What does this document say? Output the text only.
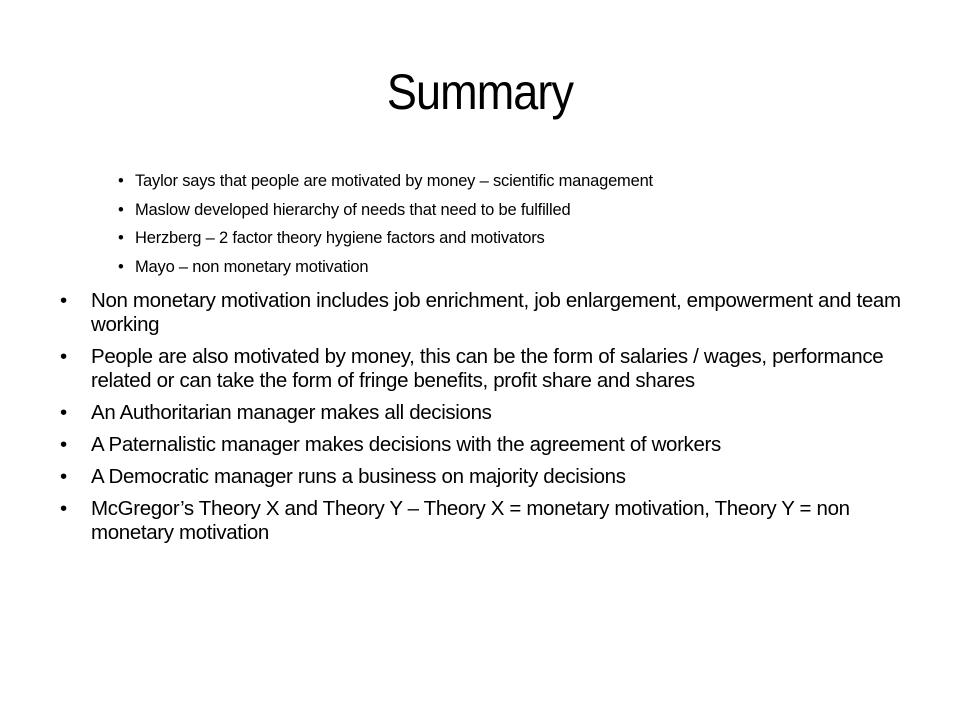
Summary
• Taylor says that people are motivated by money – scientific management
• Maslow developed hierarchy of needs that need to be fulfilled
• Herzberg – 2 factor theory hygiene factors and motivators
• Mayo – non monetary motivation
• Non monetary motivation includes job enrichment, job enlargement, empowerment and team working
• People are also motivated by money, this can be the form of salaries / wages, performance related or can take the form of fringe benefits, profit share and shares
• An Authoritarian manager makes all decisions
• A Paternalistic manager makes decisions with the agreement of workers
• A Democratic manager runs a business on majority decisions
• McGregor’s Theory X and Theory Y – Theory X = monetary motivation, Theory Y = non monetary motivation
